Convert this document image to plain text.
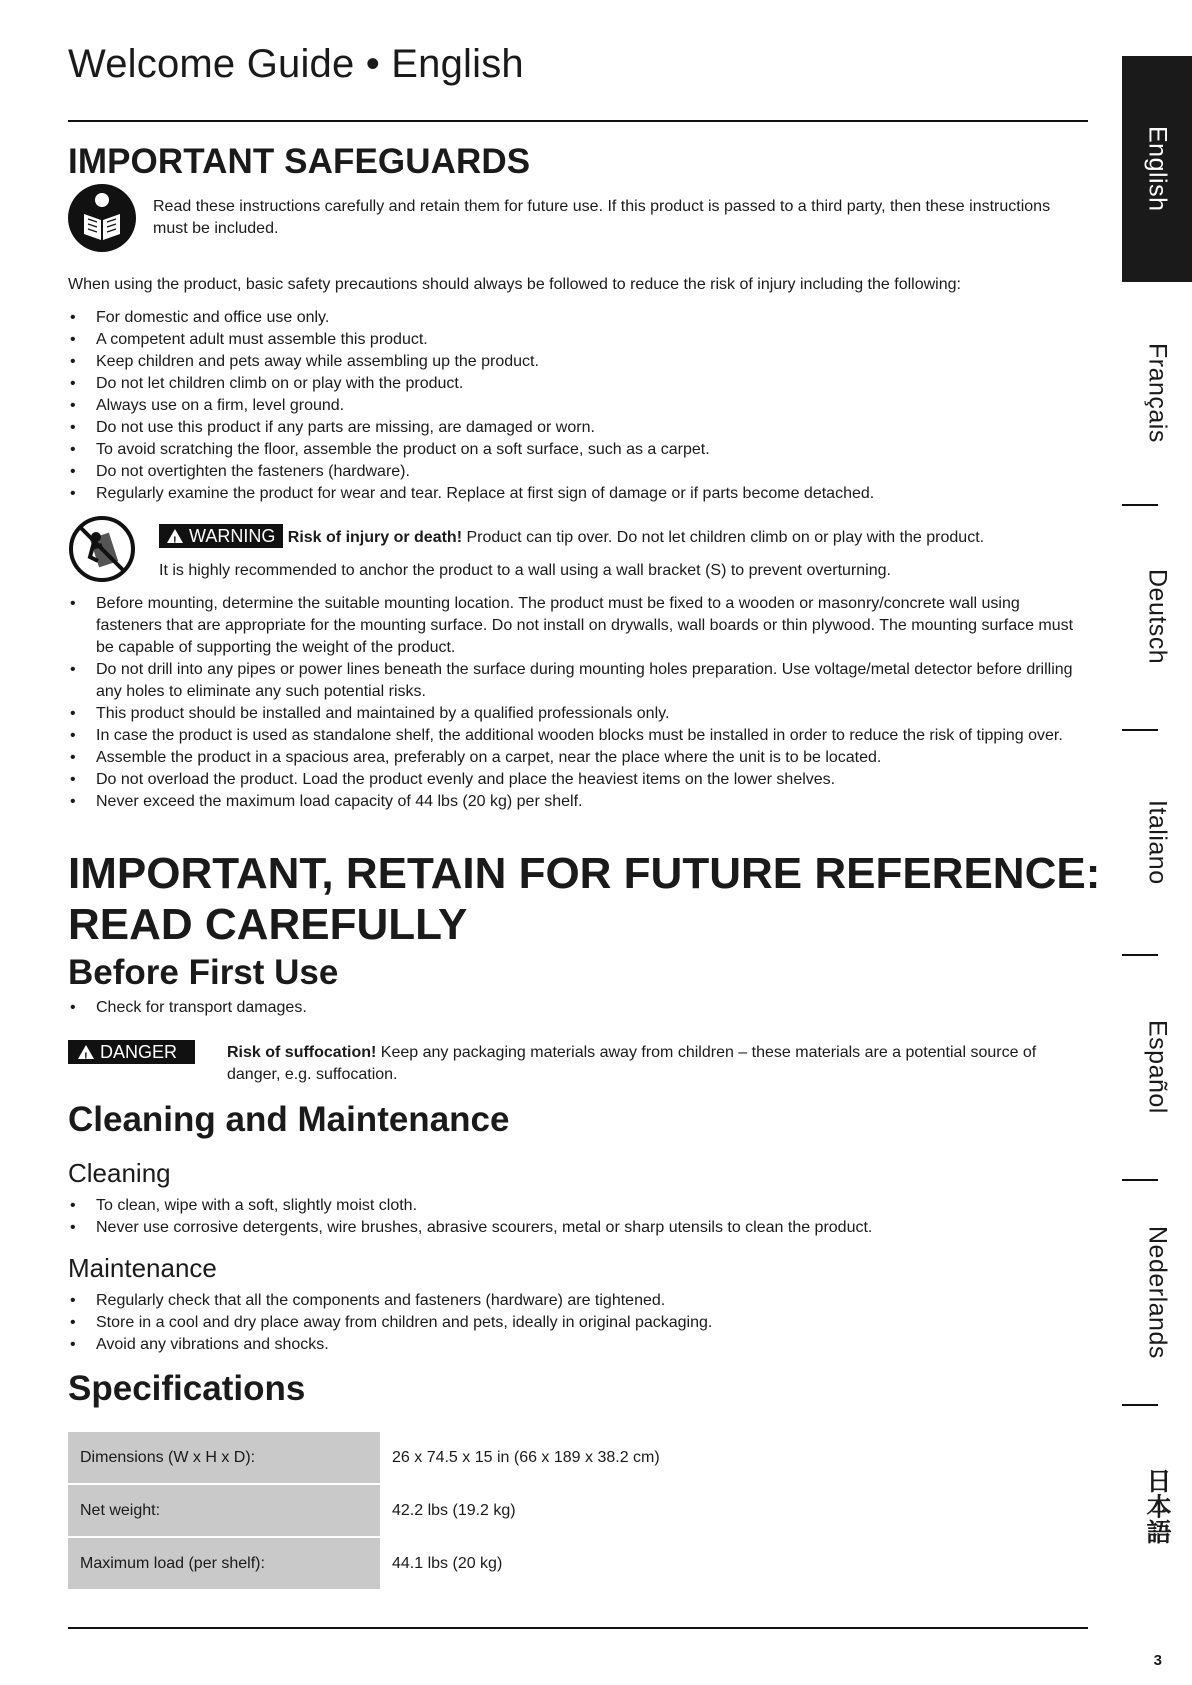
Welcome Guide • English
IMPORTANT SAFEGUARDS

Read these instructions carefully and retain them for future use. If this product is passed to a third party, then these instructions must be included.

When using the product, basic safety precautions should always be followed to reduce the risk of injury including the following:

• For domestic and office use only.
• A competent adult must assemble this product.
• Keep children and pets away while assembling up the product.
• Do not let children climb on or play with the product.
• Always use on a firm, level ground.
• Do not use this product if any parts are missing, are damaged or worn.
• To avoid scratching the floor, assemble the product on a soft surface, such as a carpet.
• Do not overtighten the fasteners (hardware).
• Regularly examine the product for wear and tear. Replace at first sign of damage or if parts become detached.

!WARNING Risk of injury or death! Product can tip over. Do not let children climb on or play with the product.

It is highly recommended to anchor the product to a wall using a wall bracket (S) to prevent overturning.

• Before mounting, determine the suitable mounting location. The product must be fixed to a wooden or masonry/concrete wall using fasteners that are appropriate for the mounting surface. Do not install on drywalls, wall boards or thin plywood. The mounting surface must be capable of supporting the weight of the product.
• Do not drill into any pipes or power lines beneath the surface during mounting holes preparation. Use voltage/metal detector before drilling any holes to eliminate any such potential risks.
• This product should be installed and maintained by a qualified professionals only.
• In case the product is used as standalone shelf, the additional wooden blocks must be installed in order to reduce the risk of tipping over.
• Assemble the product in a spacious area, preferably on a carpet, near the place where the unit is to be located.
• Do not overload the product. Load the product evenly and place the heaviest items on the lower shelves.
• Never exceed the maximum load capacity of 44 lbs (20 kg) per shelf.
IMPORTANT, RETAIN FOR FUTURE REFERENCE:
READ CAREFULLY
Before First Use
• Check for transport damages.
!DANGER	Risk of suffocation! Keep any packaging materials away from children – these materials are a potential source of danger, e.g. suffocation.

Cleaning and Maintenance
Cleaning
• To clean, wipe with a soft, slightly moist cloth.
• Never use corrosive detergents, wire brushes, abrasive scourers, metal or sharp utensils to clean the product.
Maintenance
• Regularly check that all the components and fasteners (hardware) are tightened.
• Store in a cool and dry place away from children and pets, ideally in original packaging.
• Avoid any vibrations and shocks.
Specifications
Dimensions (W x H x D):	26 x 74.5 x 15 in (66 x 189 x 38.2 cm)
Net weight:	42.2 lbs (19.2 kg)
Maximum load (per shelf):	44.1 lbs (20 kg)
3
English
Français
Deutsch
Italiano
Español
Nederlands
日本語
